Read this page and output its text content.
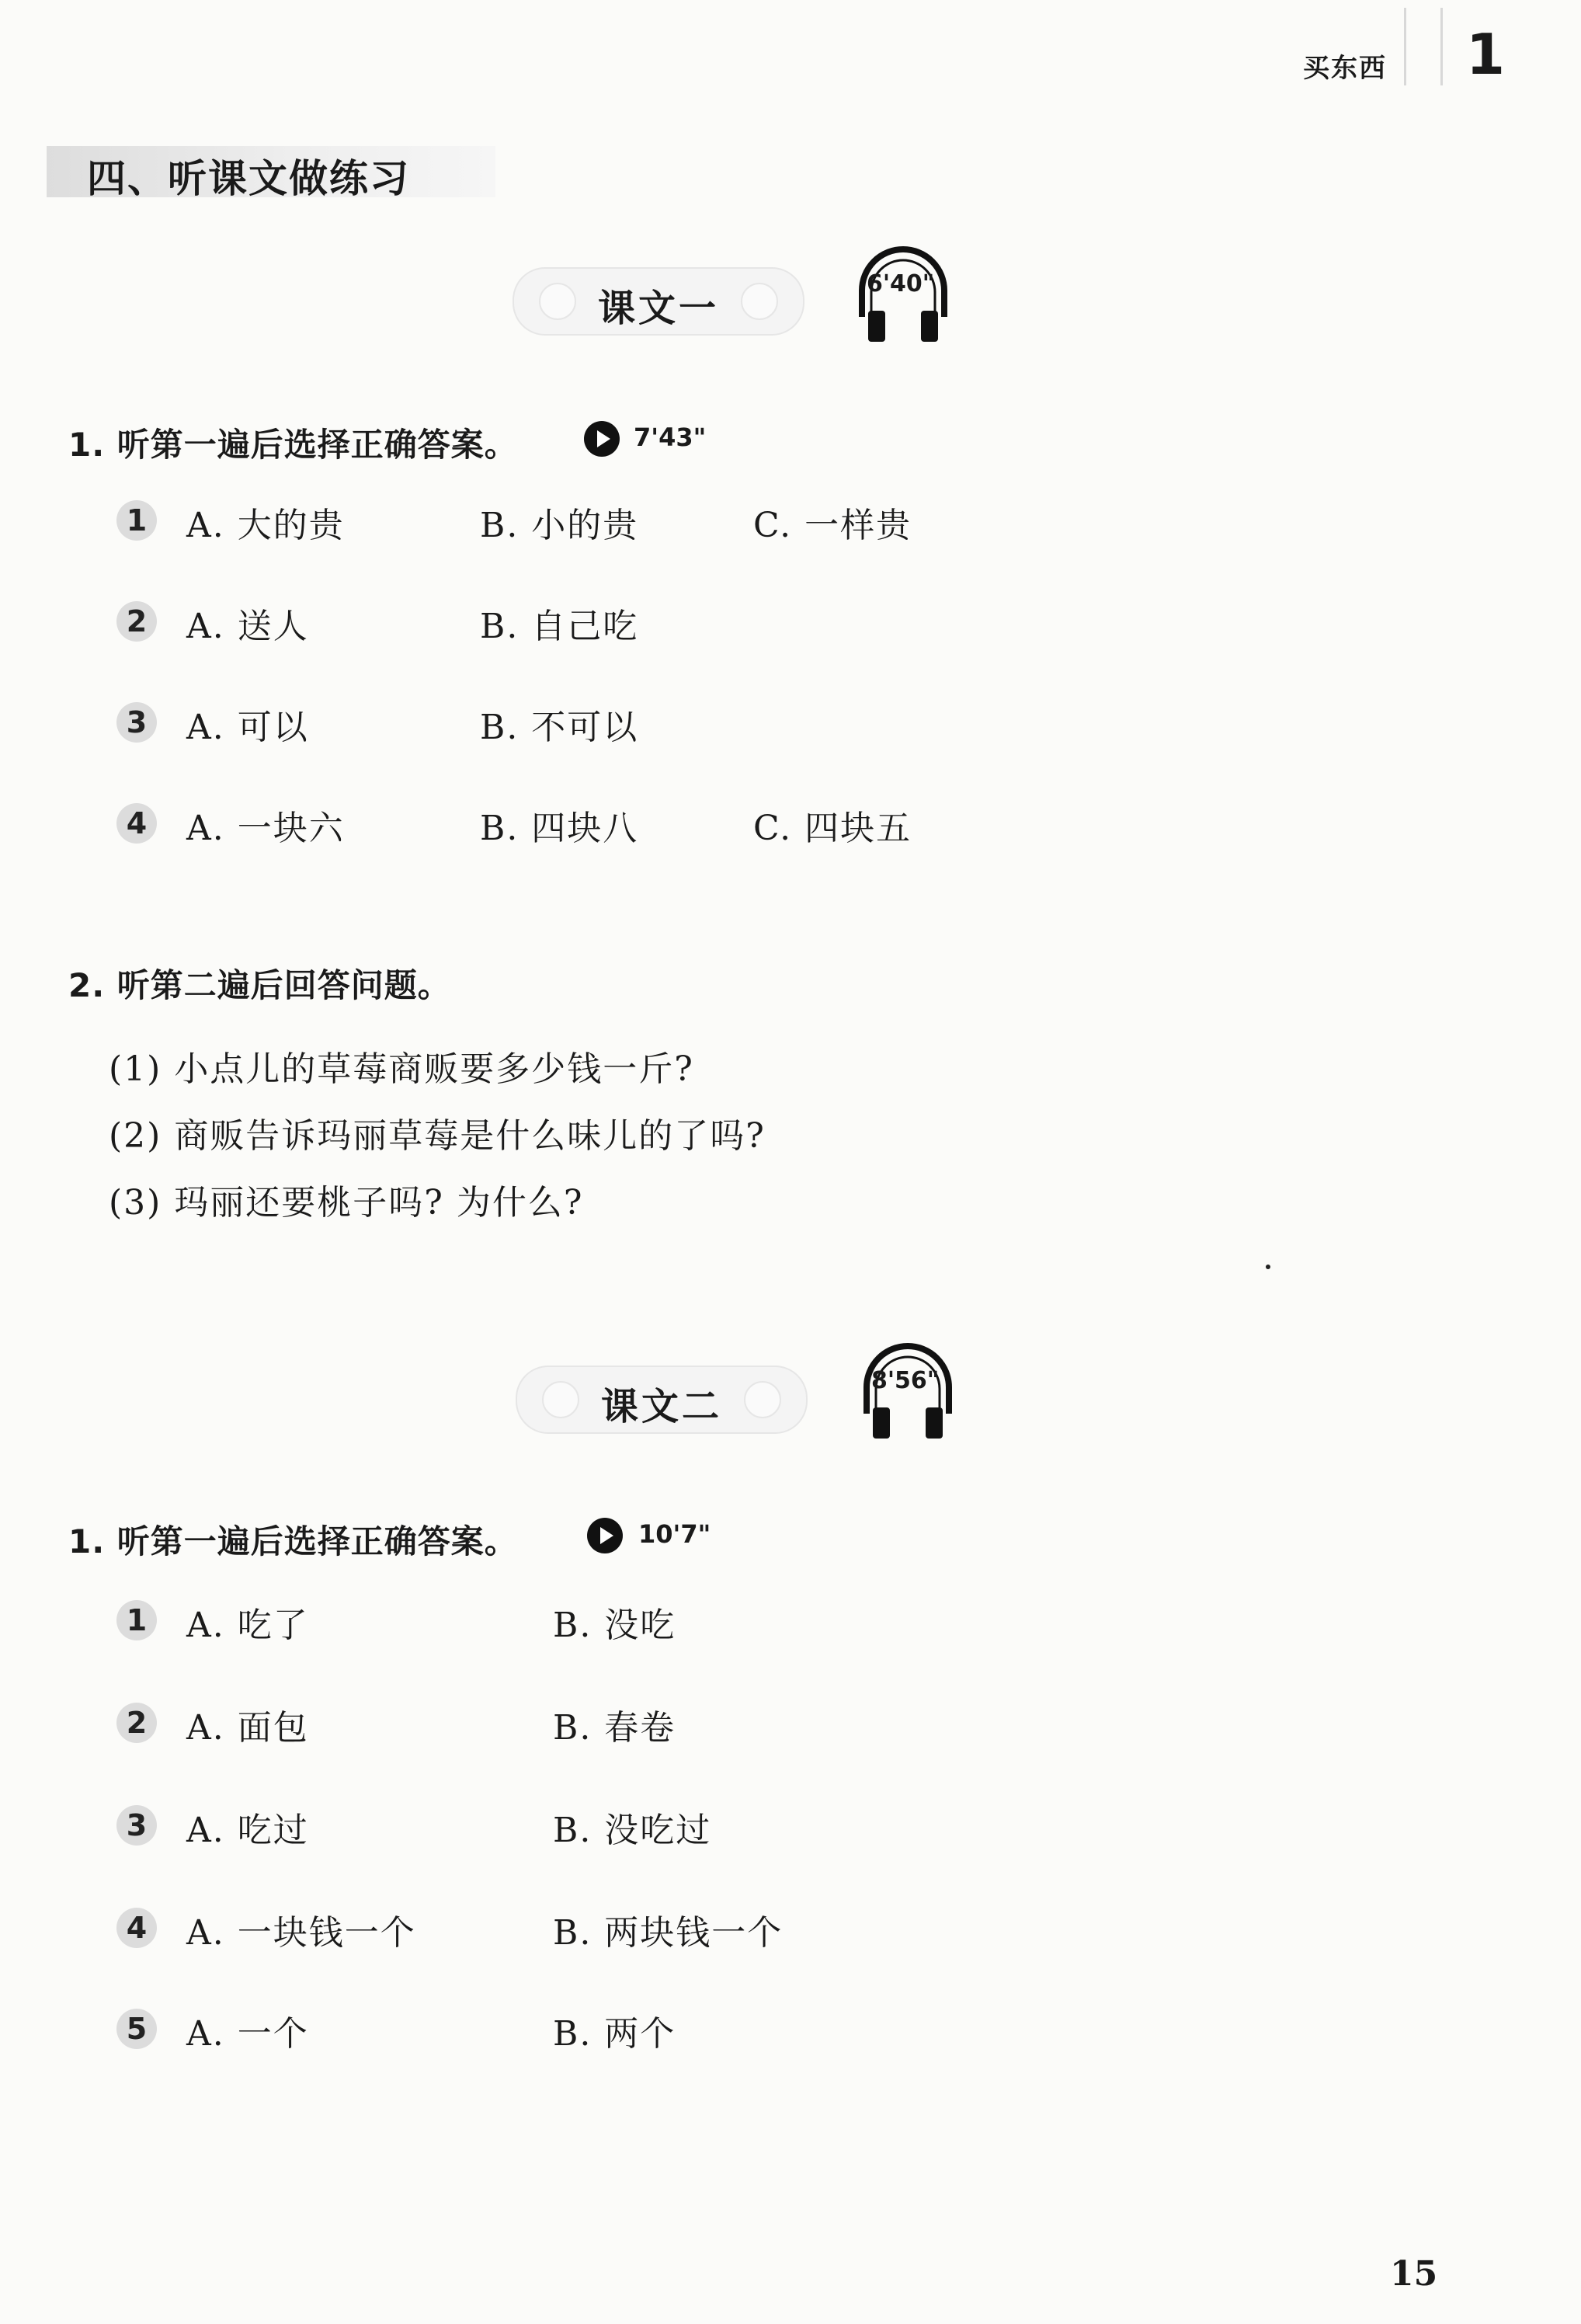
买东西 1
四、听课文做练习
课文一
6'40"
1. 听第一遍后选择正确答案。	7'43"
1 A. 大的贵	B. 小的贵	C. 一样贵
2 A. 送人	B. 自己吃
3 A. 可以	B. 不可以
4 A. 一块六	B. 四块八	C. 四块五
2. 听第二遍后回答问题。
(1) 小点儿的草莓商贩要多少钱一斤?
(2) 商贩告诉玛丽草莓是什么味儿的了吗?
(3) 玛丽还要桃子吗? 为什么?
课文二
8'56"
1. 听第一遍后选择正确答案。	10'7"
1 A. 吃了	B. 没吃
2 A. 面包	B. 春卷
3 A. 吃过	B. 没吃过
4 A. 一块钱一个	B. 两块钱一个
5 A. 一个	B. 两个
15
